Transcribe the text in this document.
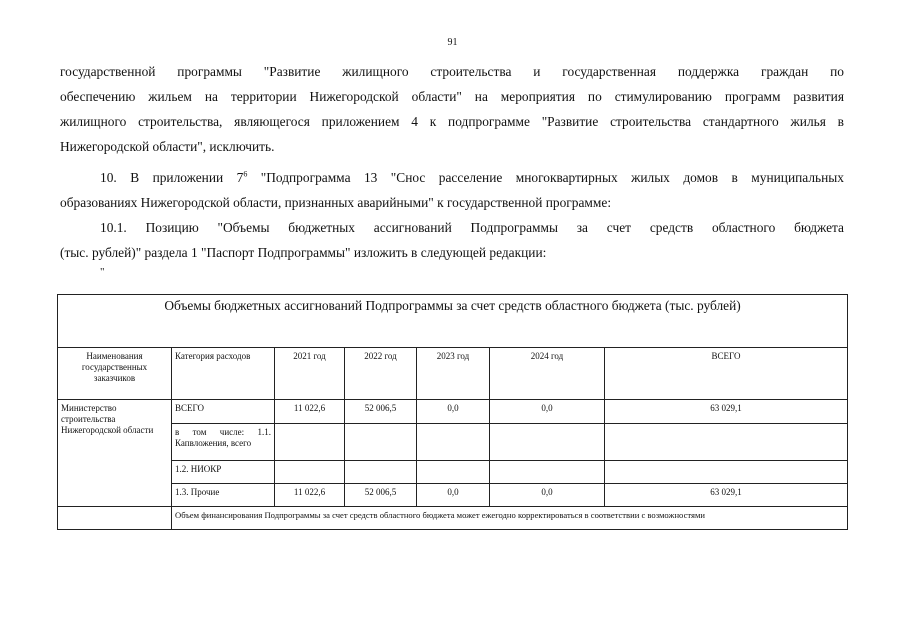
91
государственной программы "Развитие жилищного строительства и государственная поддержка граждан по
обеспечению жильем на территории Нижегородской области" на мероприятия по стимулированию программ развития
жилищного строительства, являющегося приложением 4 к подпрограмме "Развитие строительства стандартного жилья в
Нижегородской области", исключить.
10. В приложении $7^6$ "Подпрограмма 13 "Снос расселение многоквартирных жилых домов в муниципальных
образованиях Нижегородской области, признанных аварийными" к государственной программе:
10.1. Позицию "Объемы бюджетных ассигнований Подпрограммы за счет средств областного бюджета
(тыс. рублей)" раздела 1 "Паспорт Подпрограммы" изложить в следующей редакции:
"
Объемы бюджетных ассигнований Подпрограммы за счет средств областного бюджета (тыс. рублей)						
Наименования государственных заказчиков	Категория расходов	2021 год	2022 год	2023 год	2024 год	ВСЕГО
Министерство строительства Нижегородской области	ВСЕГО	11 022,6	52 006,5	0,0	0,0	63 029,1
	в том числе: 1.1. Капвложения, всего					
	1.2. НИОКР					
	1.3. Прочие	11 022,6	52 006,5	0,0	0,0	63 029,1
	Объем финансирования Подпрограммы за счет средств областного бюджета может ежегодно корректироваться в соответствии с возможностями					
